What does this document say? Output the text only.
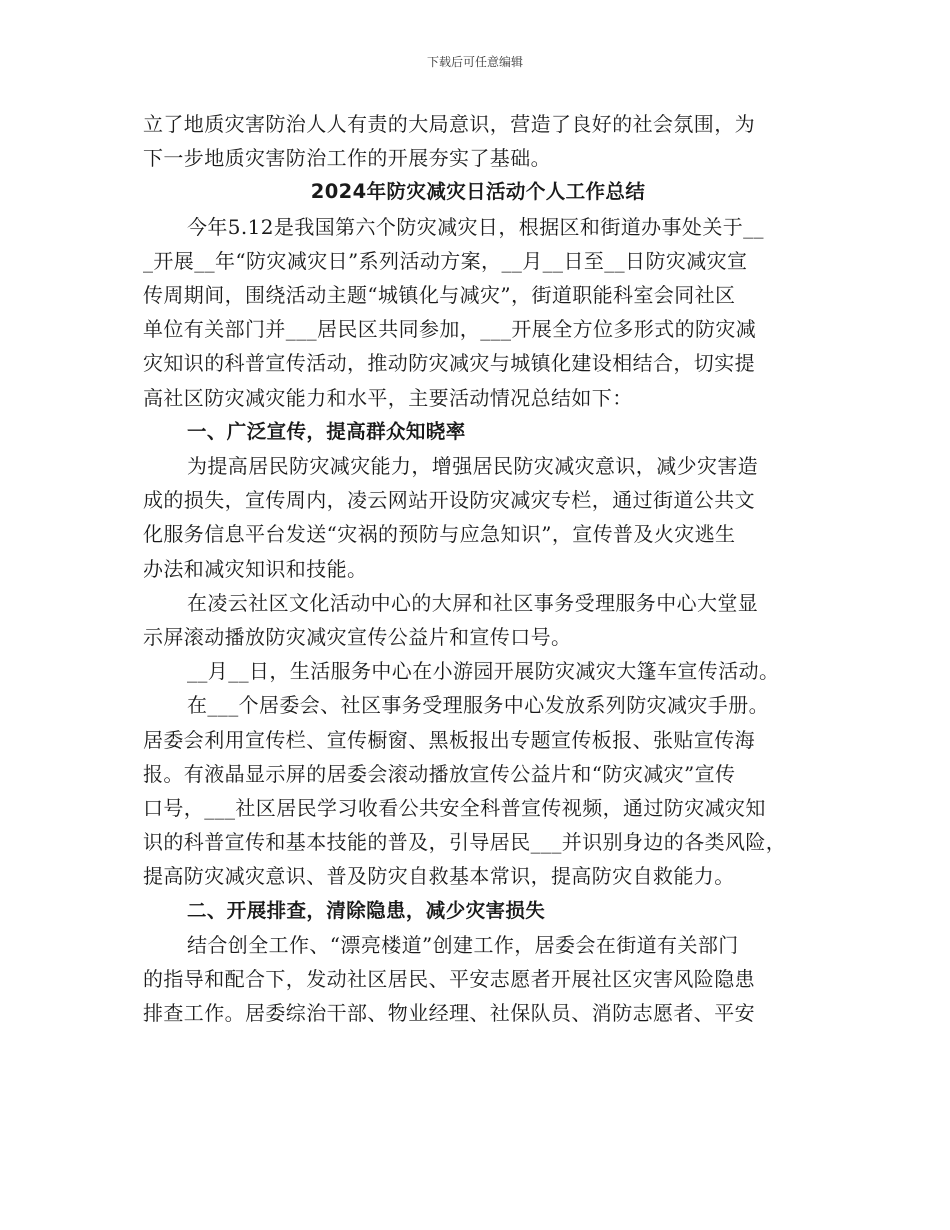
下载后可任意编辑
立了地质灾害防治人人有责的大局意识，营造了良好的社会氛围，为
下一步地质灾害防治工作的开展夯实了基础。
2024年防灾减灾日活动个人工作总结
今年5.12是我国第六个防灾减灾日，根据区和街道办事处关于__
_开展__年“防灾减灾日”系列活动方案，__月__日至__日防灾减灾宣
传周期间，围绕活动主题“城镇化与减灾”，街道职能科室会同社区
单位有关部门并___居民区共同参加，___开展全方位多形式的防灾减
灾知识的科普宣传活动，推动防灾减灾与城镇化建设相结合，切实提
高社区防灾减灾能力和水平，主要活动情况总结如下：
一、广泛宣传，提高群众知晓率
为提高居民防灾减灾能力，增强居民防灾减灾意识，减少灾害造
成的损失，宣传周内，凌云网站开设防灾减灾专栏，通过街道公共文
化服务信息平台发送“灾祸的预防与应急知识”，宣传普及火灾逃生
办法和减灾知识和技能。
在凌云社区文化活动中心的大屏和社区事务受理服务中心大堂显
示屏滚动播放防灾减灾宣传公益片和宣传口号。
__月__日，生活服务中心在小游园开展防灾减灾大篷车宣传活动。
在___个居委会、社区事务受理服务中心发放系列防灾减灾手册。
居委会利用宣传栏、宣传橱窗、黑板报出专题宣传板报、张贴宣传海
报。有液晶显示屏的居委会滚动播放宣传公益片和“防灾减灾”宣传
口号，___社区居民学习收看公共安全科普宣传视频，通过防灾减灾知
识的科普宣传和基本技能的普及，引导居民___并识别身边的各类风险，
提高防灾减灾意识、普及防灾自救基本常识，提高防灾自救能力。
二、开展排查，清除隐患，减少灾害损失
结合创全工作、“漂亮楼道”创建工作，居委会在街道有关部门
的指导和配合下，发动社区居民、平安志愿者开展社区灾害风险隐患
排查工作。居委综治干部、物业经理、社保队员、消防志愿者、平安
